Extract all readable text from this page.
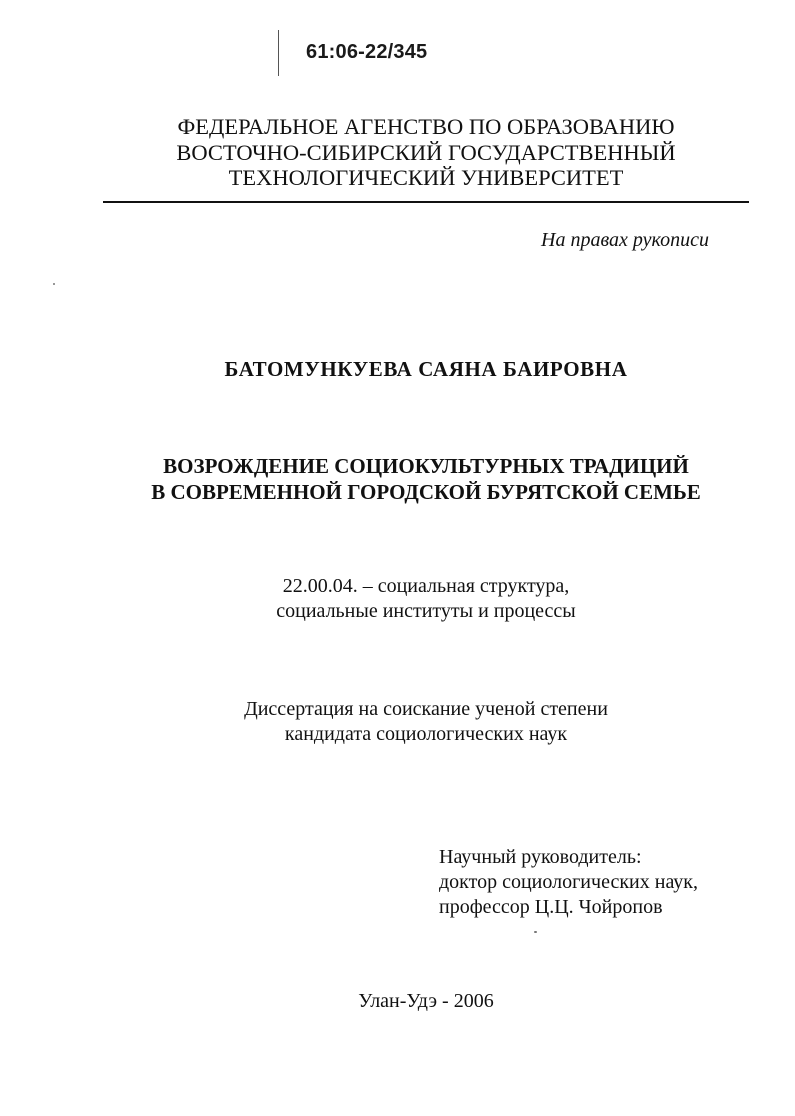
61:06-22/345
ФЕДЕРАЛЬНОЕ АГЕНСТВО ПО ОБРАЗОВАНИЮ
ВОСТОЧНО-СИБИРСКИЙ ГОСУДАРСТВЕННЫЙ
ТЕХНОЛОГИЧЕСКИЙ УНИВЕРСИТЕТ
На правах рукописи
БАТОМУНКУЕВА САЯНА БАИРОВНА
ВОЗРОЖДЕНИЕ СОЦИОКУЛЬТУРНЫХ ТРАДИЦИЙ
В СОВРЕМЕННОЙ ГОРОДСКОЙ БУРЯТСКОЙ СЕМЬЕ
22.00.04. – социальная структура,
социальные институты и процессы
Диссертация на соискание ученой степени
кандидата социологических наук
Научный руководитель:
доктор социологических наук,
профессор Ц.Ц. Чойропов
Улан-Удэ - 2006
